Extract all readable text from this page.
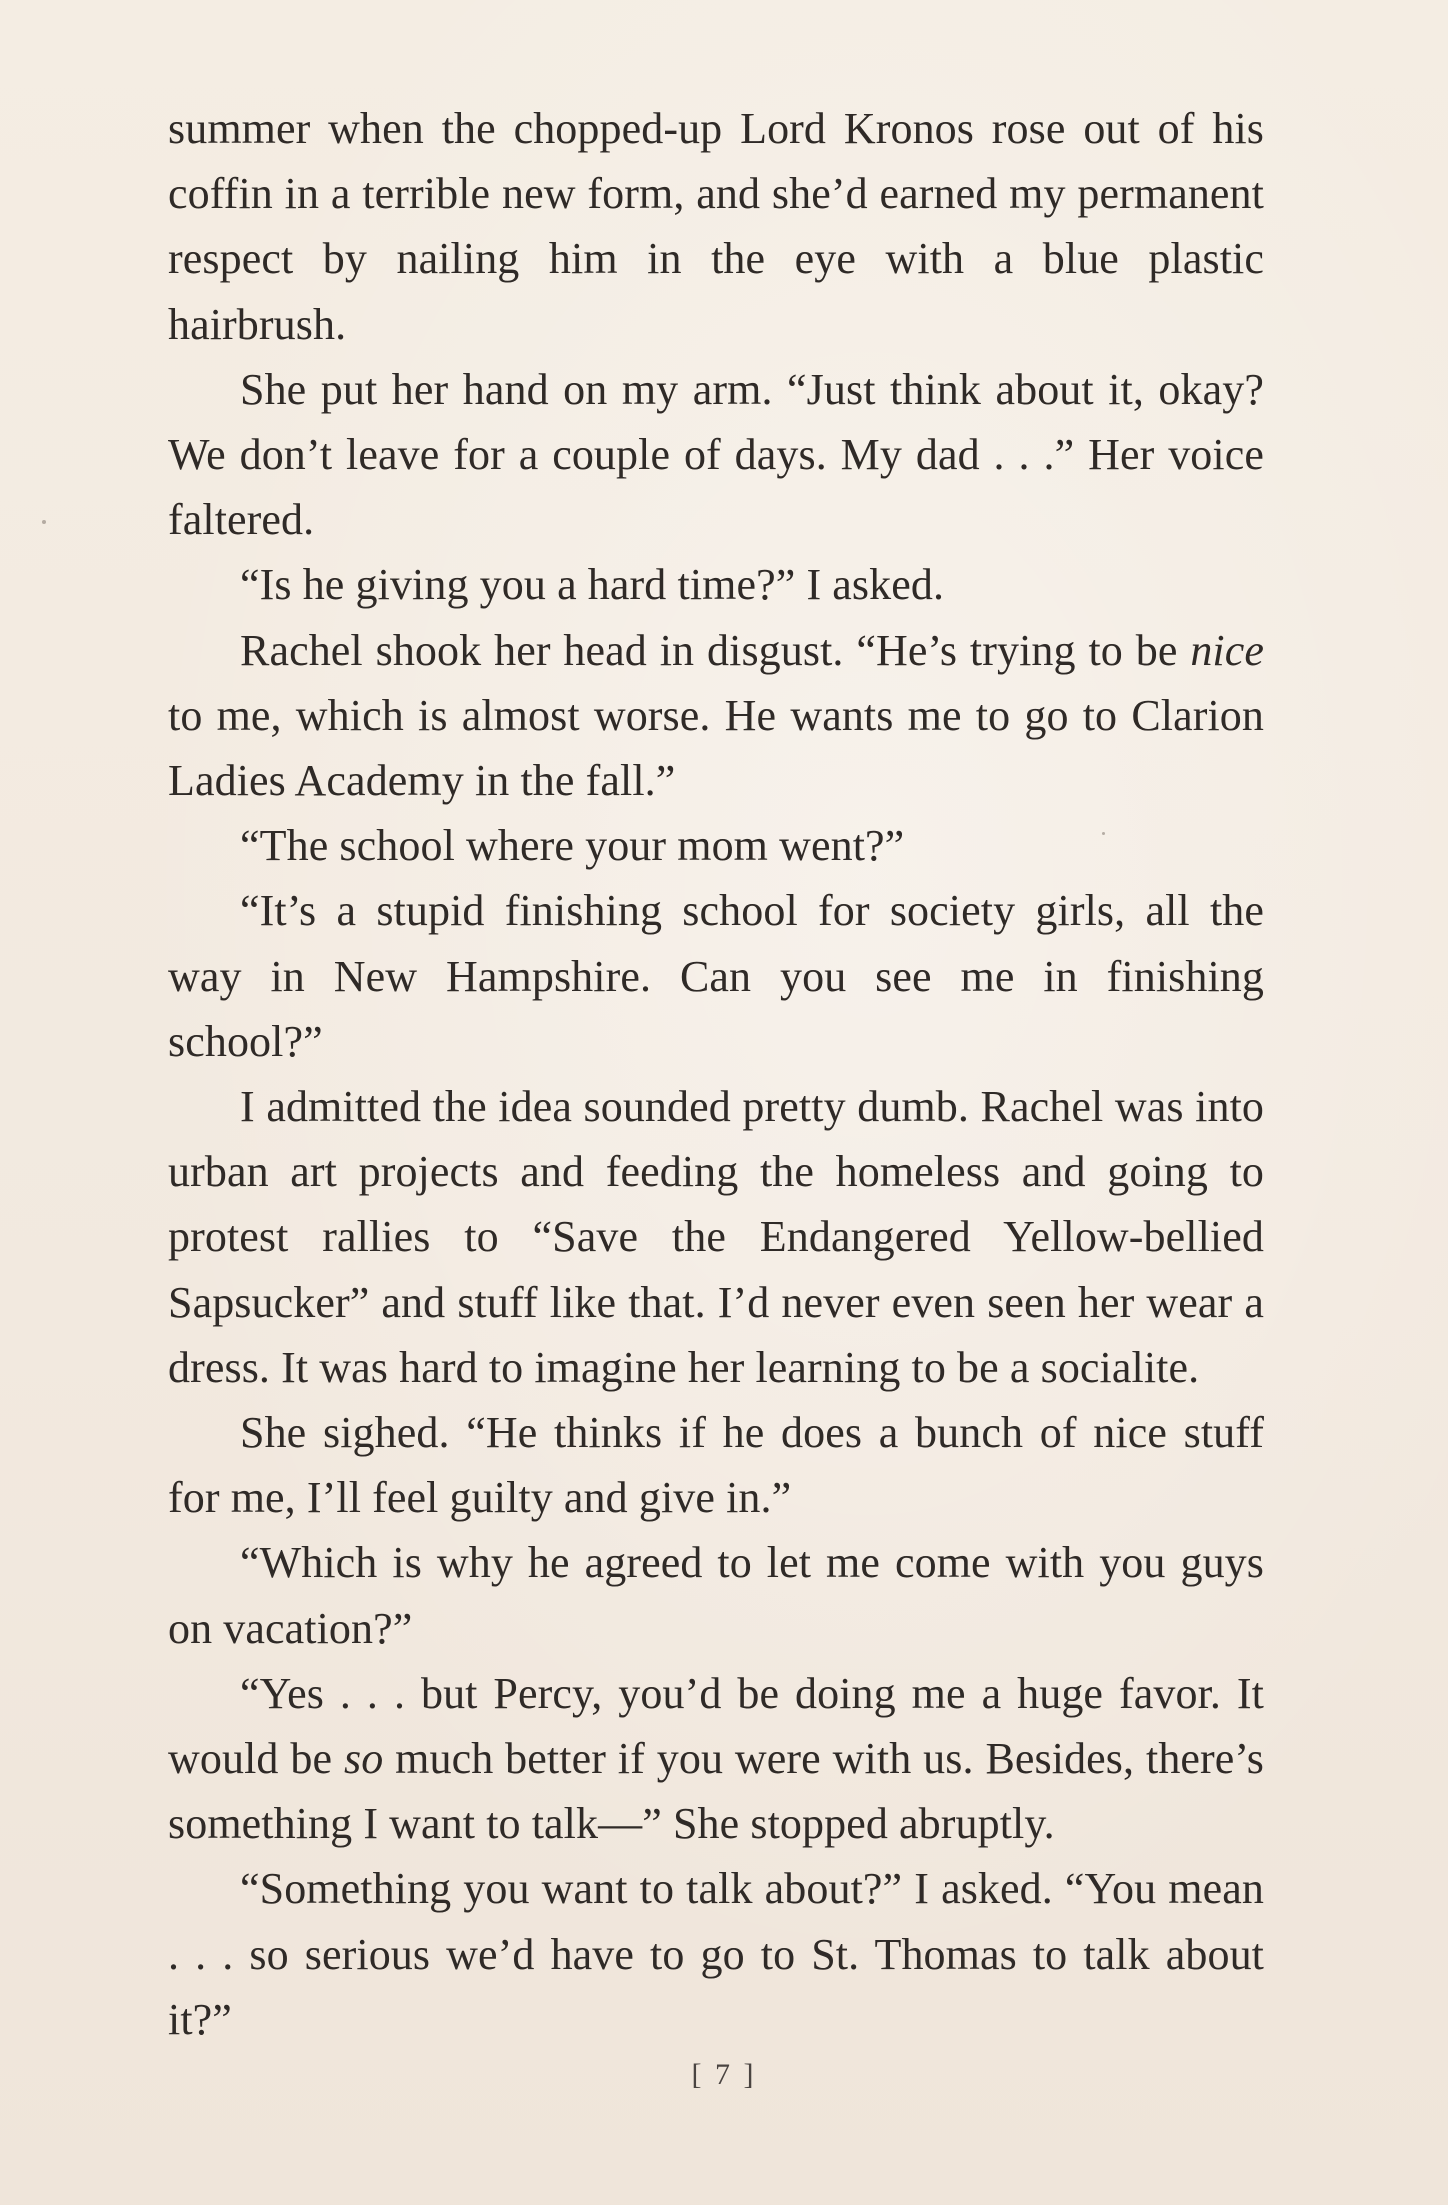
summer when the chopped-up Lord Kronos rose out of his coffin in a terrible new form, and she’d earned my permanent respect by nailing him in the eye with a blue plastic hairbrush.

She put her hand on my arm. “Just think about it, okay? We don’t leave for a couple of days. My dad . . .” Her voice faltered.

“Is he giving you a hard time?” I asked.

Rachel shook her head in disgust. “He’s trying to be nice to me, which is almost worse. He wants me to go to Clarion Ladies Academy in the fall.”

“The school where your mom went?”

“It’s a stupid finishing school for society girls, all the way in New Hampshire. Can you see me in finishing school?”

I admitted the idea sounded pretty dumb. Rachel was into urban art projects and feeding the homeless and going to protest rallies to “Save the Endangered Yellow-bellied Sapsucker” and stuff like that. I’d never even seen her wear a dress. It was hard to imagine her learning to be a socialite.

She sighed. “He thinks if he does a bunch of nice stuff for me, I’ll feel guilty and give in.”

“Which is why he agreed to let me come with you guys on vacation?”

“Yes . . . but Percy, you’d be doing me a huge favor. It would be so much better if you were with us. Besides, there’s something I want to talk—” She stopped abruptly.

“Something you want to talk about?” I asked. “You mean . . . so serious we’d have to go to St. Thomas to talk about it?”

[ 7 ]
